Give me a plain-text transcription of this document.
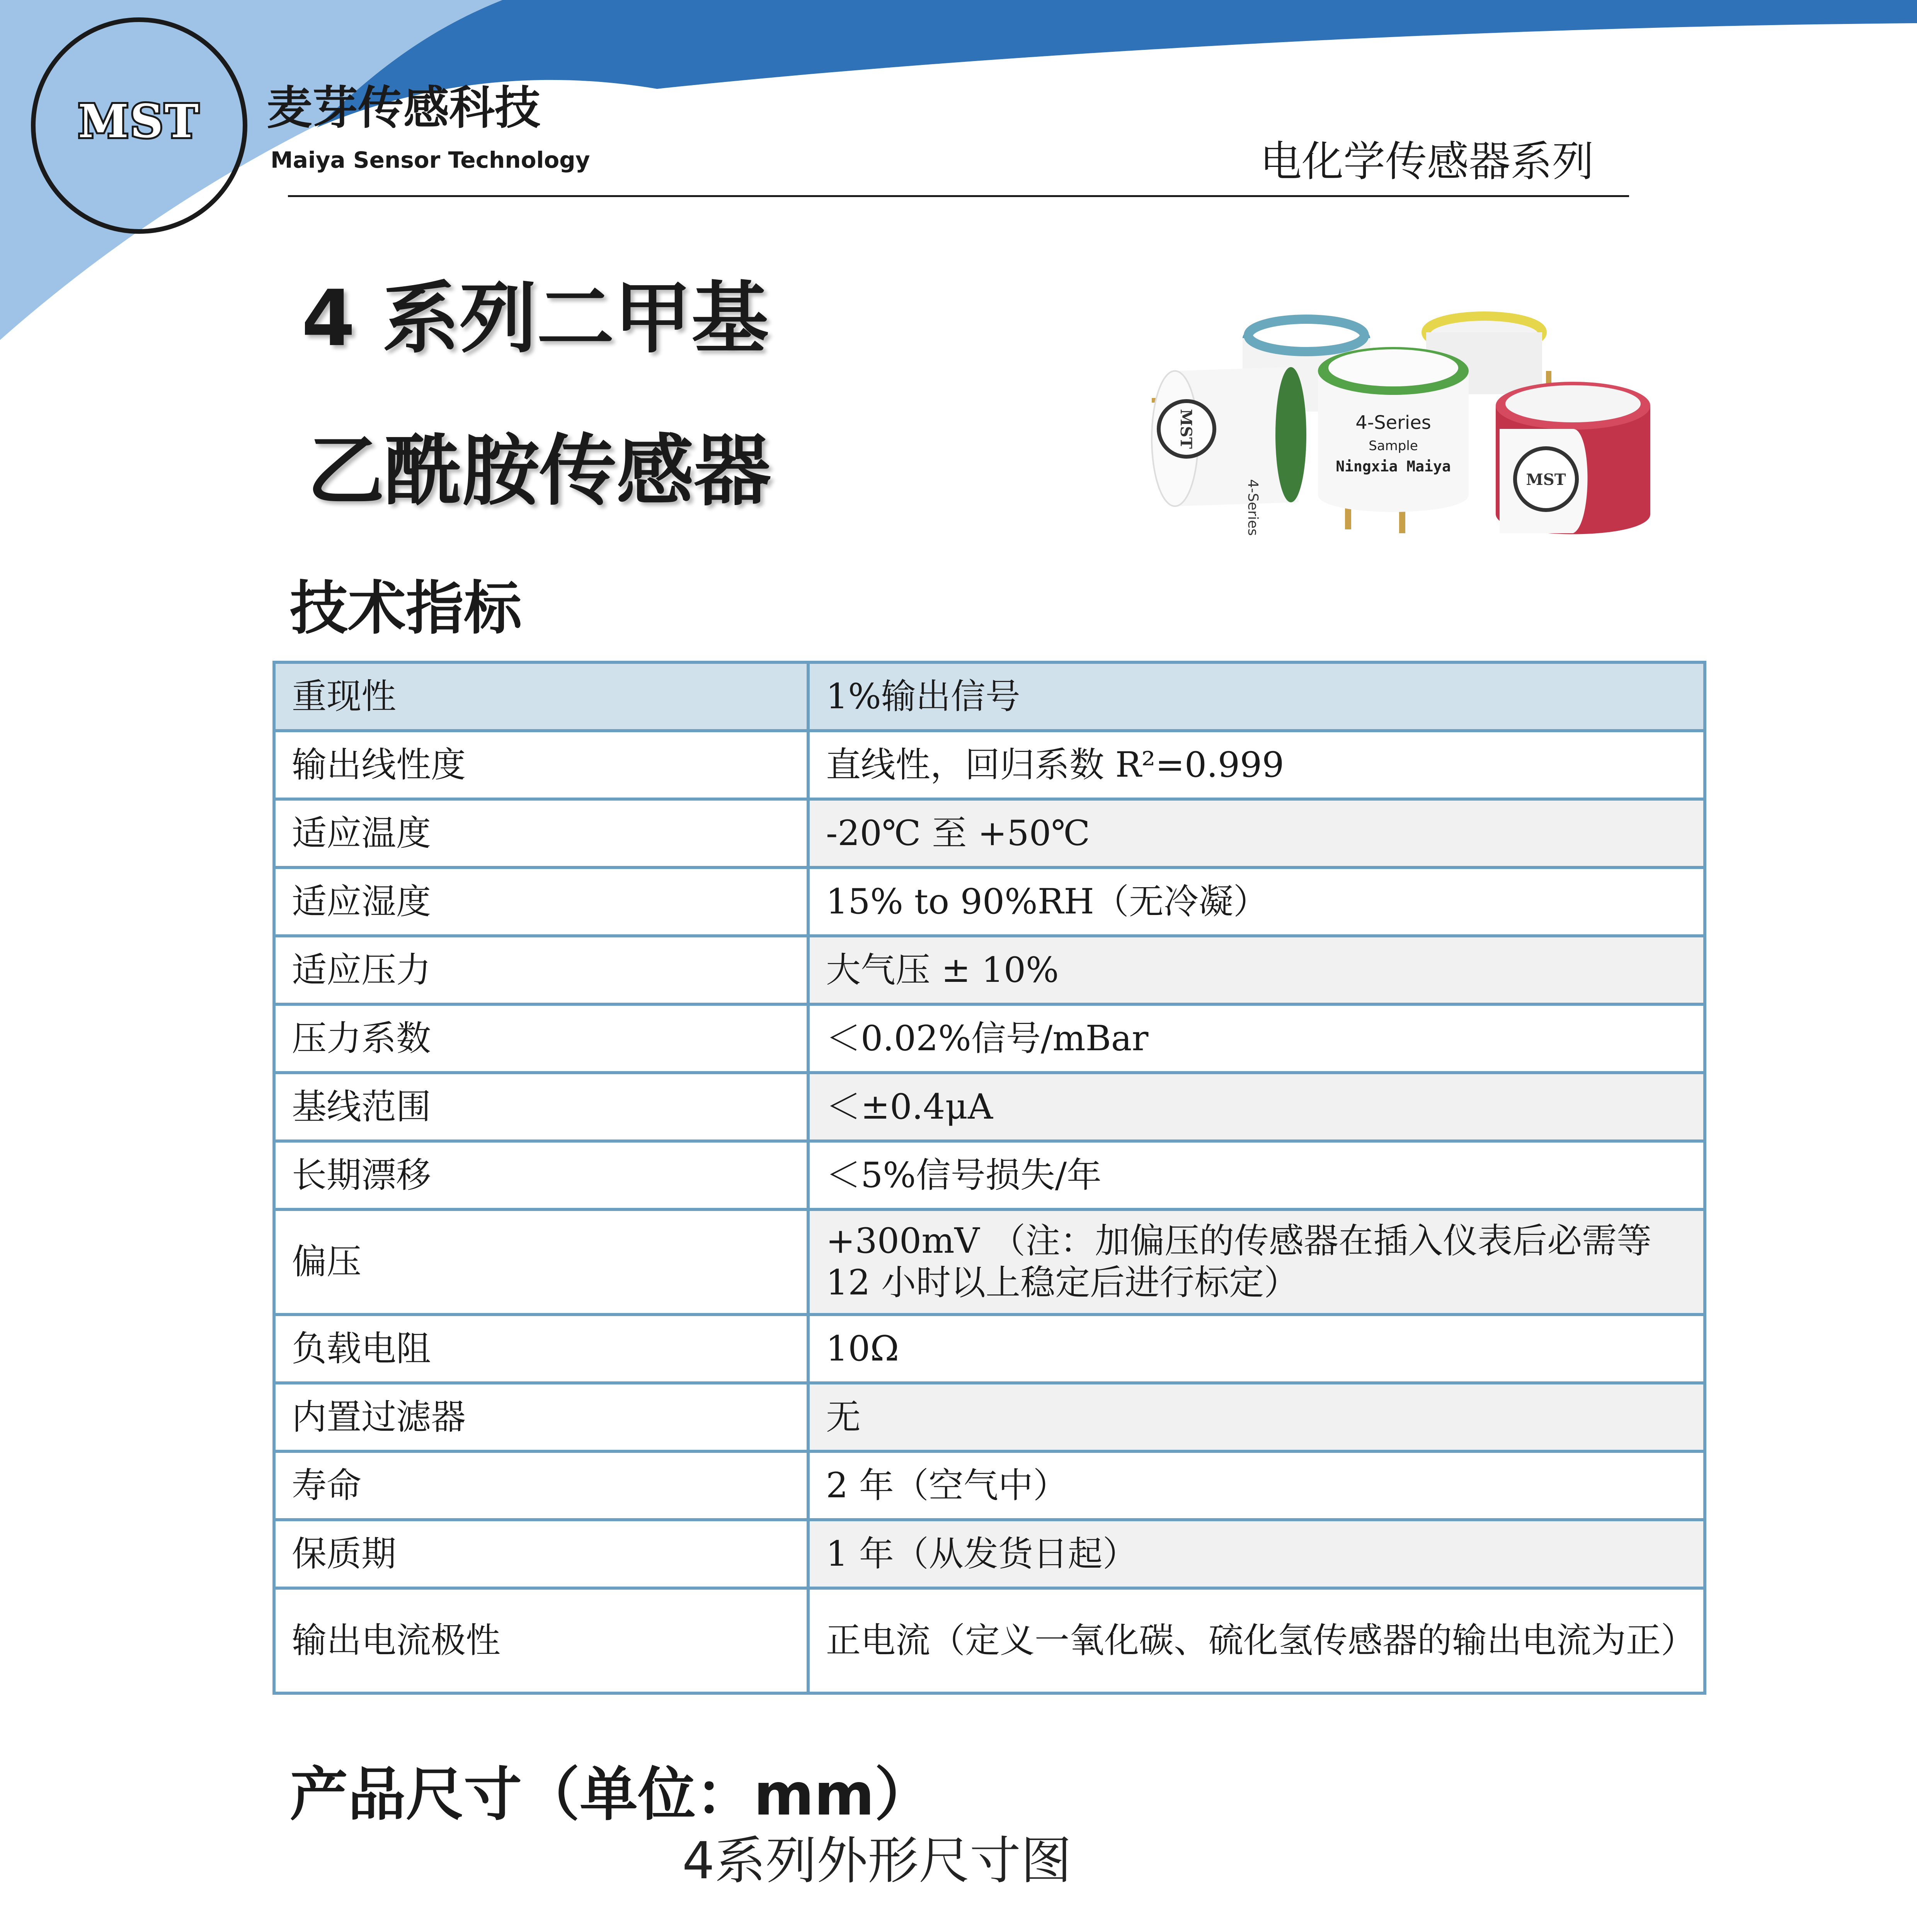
MST	麦芽传感科技
Maiya Sensor Technology	电化学传感器系列
4 系列二甲基
乙酰胺传感器	MST
4-Series
4-Series
Sample
Ningxia Maiya
MST
技术指标
重现性	1%输出信号
输出线性度	直线性，回归系数 R²=0.999
适应温度	-20℃ 至 +50℃
适应湿度	15% to 90%RH（无冷凝）
适应压力	大气压 ± 10%
压力系数	＜0.02%信号/mBar
基线范围	＜±0.4μA
长期漂移	＜5%信号损失/年
偏压	+300mV （注：加偏压的传感器在插入仪表后必需等 12 小时以上稳定后进行标定）
负载电阻	10Ω
内置过滤器	无
寿命	2 年（空气中）
保质期	1 年（从发货日起）
输出电流极性	正电流（定义一氧化碳、硫化氢传感器的输出电流为正）
产品尺寸（单位：mm）
4系列外形尺寸图
